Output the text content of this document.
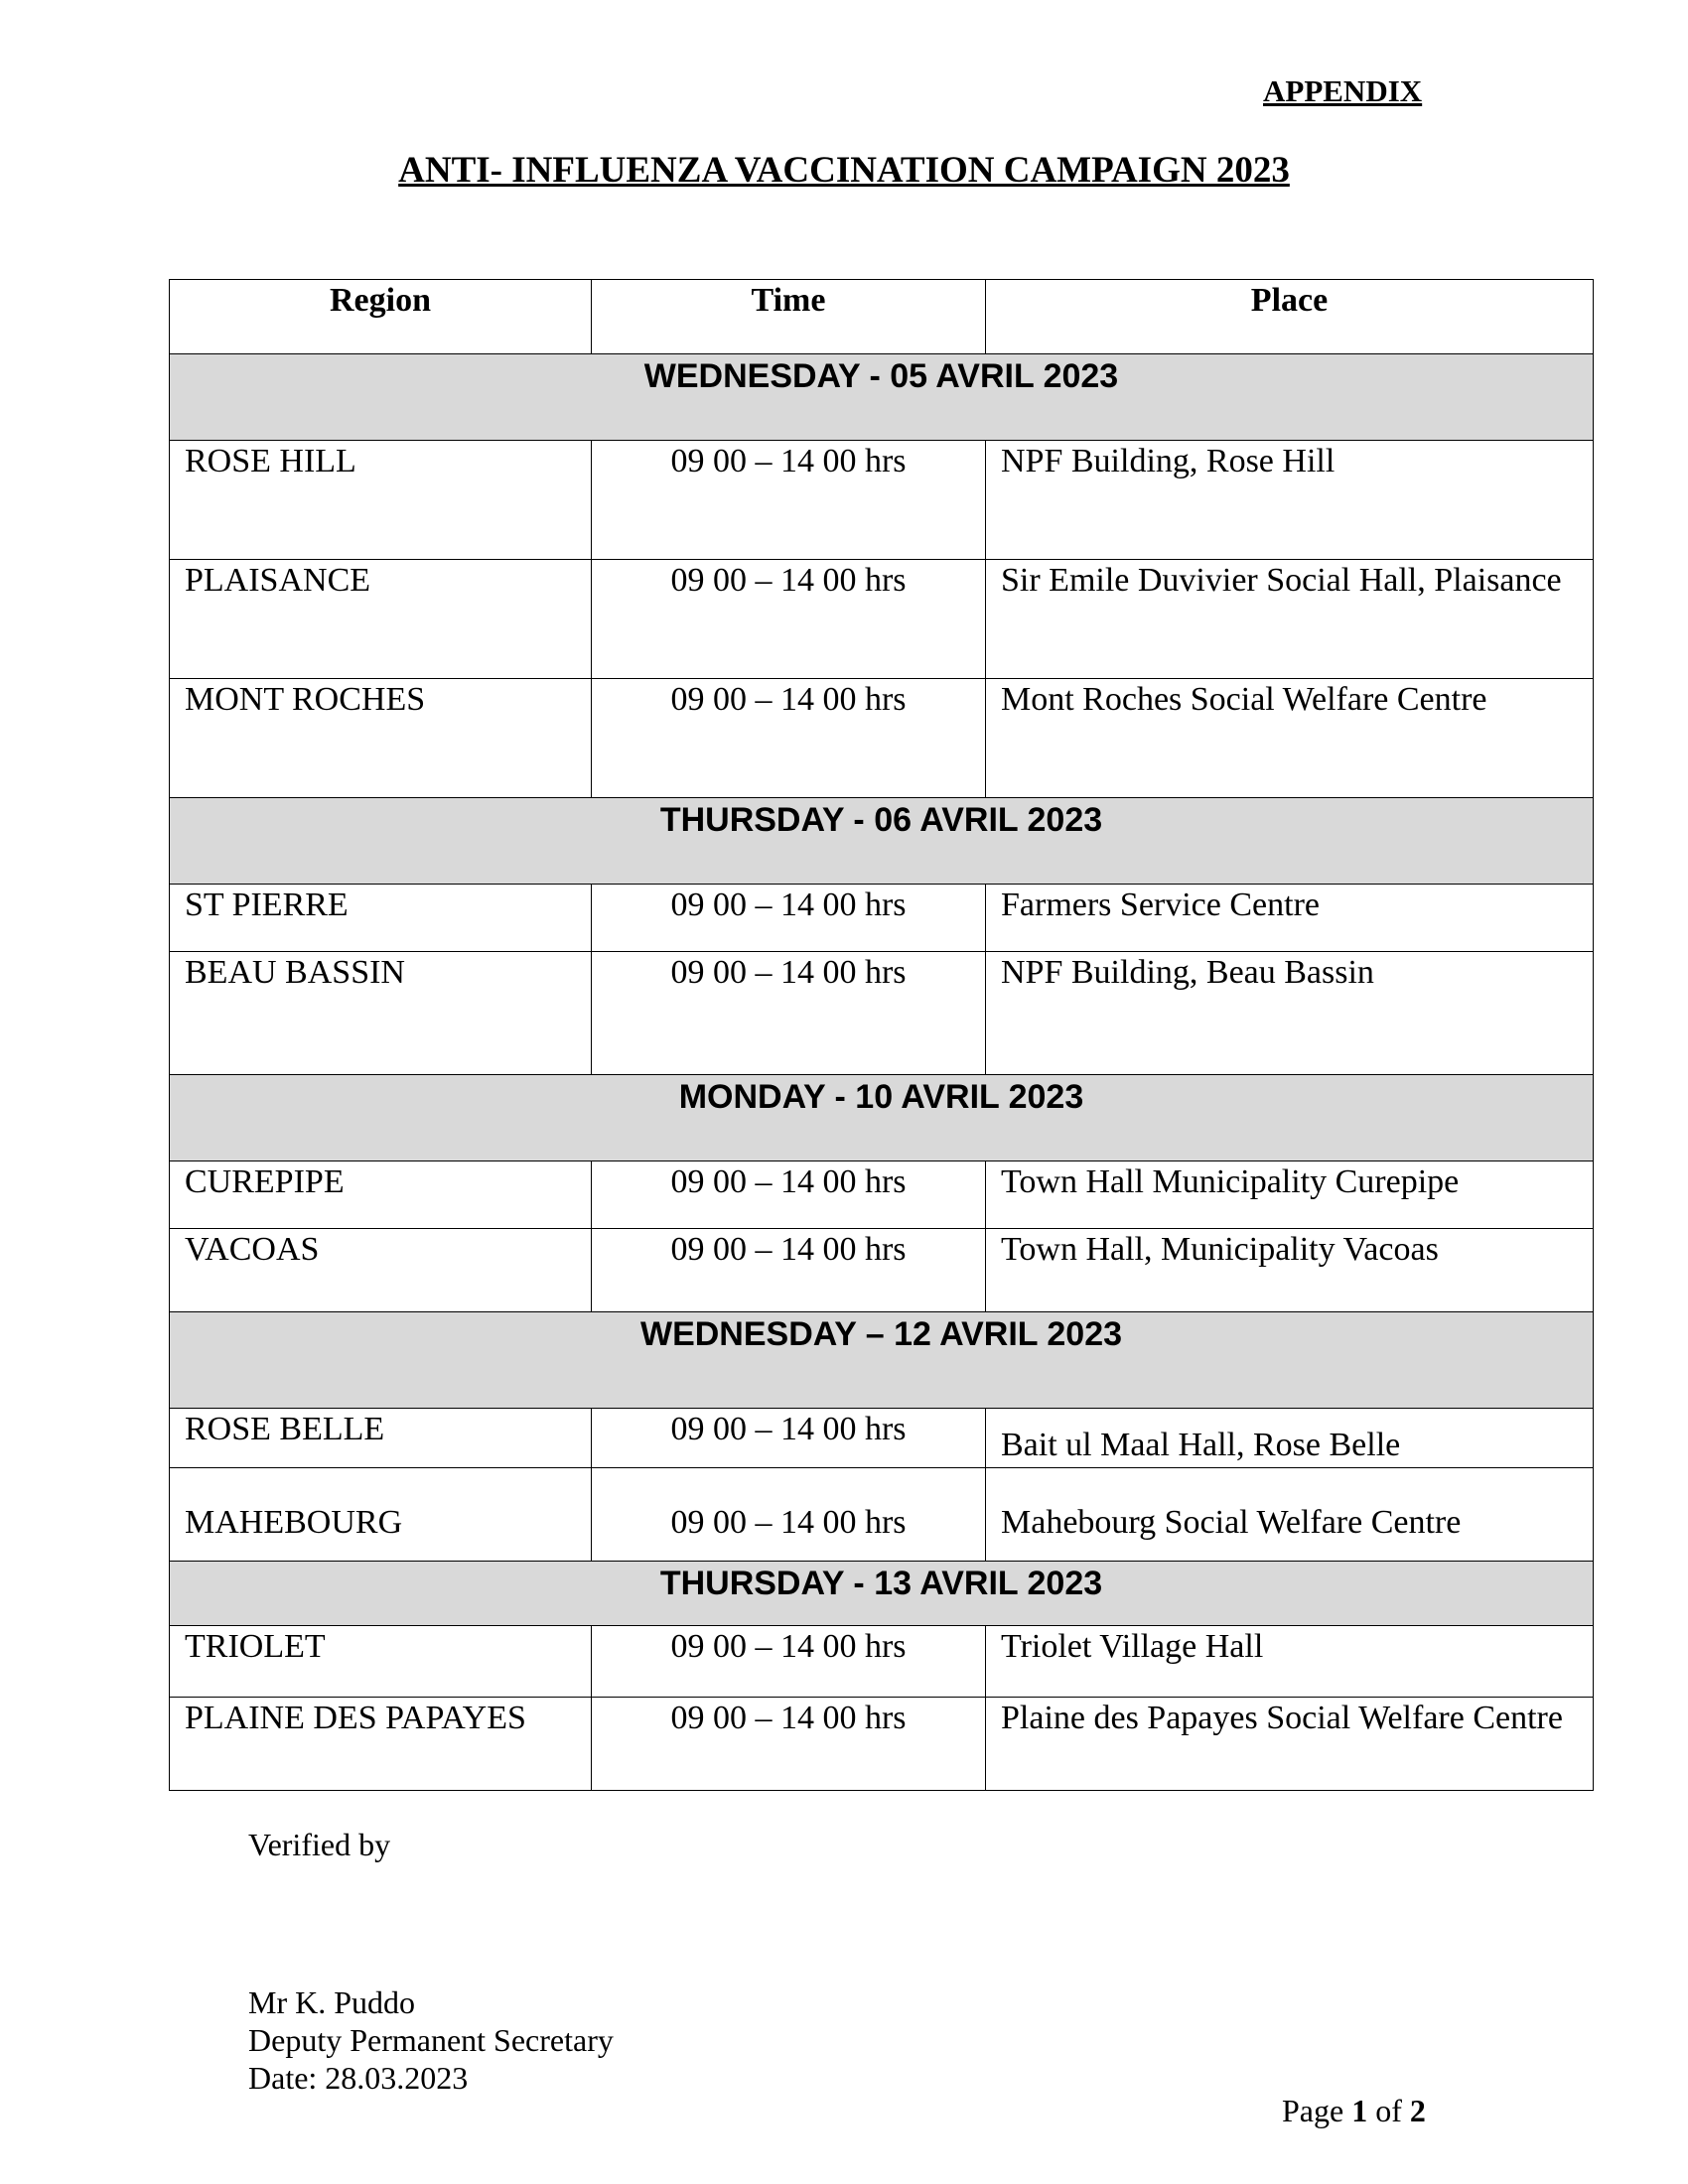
APPENDIX
ANTI- INFLUENZA VACCINATION CAMPAIGN 2023
Region	Time	Place

WEDNESDAY - 05 AVRIL 2023		
ROSE HILL	09 00 – 14 00 hrs	NPF Building, Rose Hill
PLAISANCE	09 00 – 14 00 hrs	Sir Emile Duvivier Social Hall, Plaisance
MONT ROCHES	09 00 – 14 00 hrs	Mont Roches Social Welfare Centre
THURSDAY - 06 AVRIL 2023		
ST PIERRE	09 00 – 14 00 hrs	Farmers Service Centre
BEAU BASSIN	09 00 – 14 00 hrs	NPF Building, Beau Bassin
MONDAY - 10 AVRIL 2023		
CUREPIPE	09 00 – 14 00 hrs	Town Hall Municipality Curepipe
VACOAS	09 00 – 14 00 hrs	Town Hall, Municipality Vacoas
WEDNESDAY – 12 AVRIL 2023		
ROSE BELLE	09 00 – 14 00 hrs	Bait ul Maal Hall, Rose Belle
MAHEBOURG	09 00 – 14 00 hrs	Mahebourg Social Welfare Centre
THURSDAY - 13 AVRIL 2023		
TRIOLET	09 00 – 14 00 hrs	Triolet Village Hall
PLAINE DES PAPAYES	09 00 – 14 00 hrs	Plaine des Papayes Social Welfare Centre
Verified by
Mr K. Puddo
Deputy Permanent Secretary
Date: 28.03.2023
Page 1 of 2
